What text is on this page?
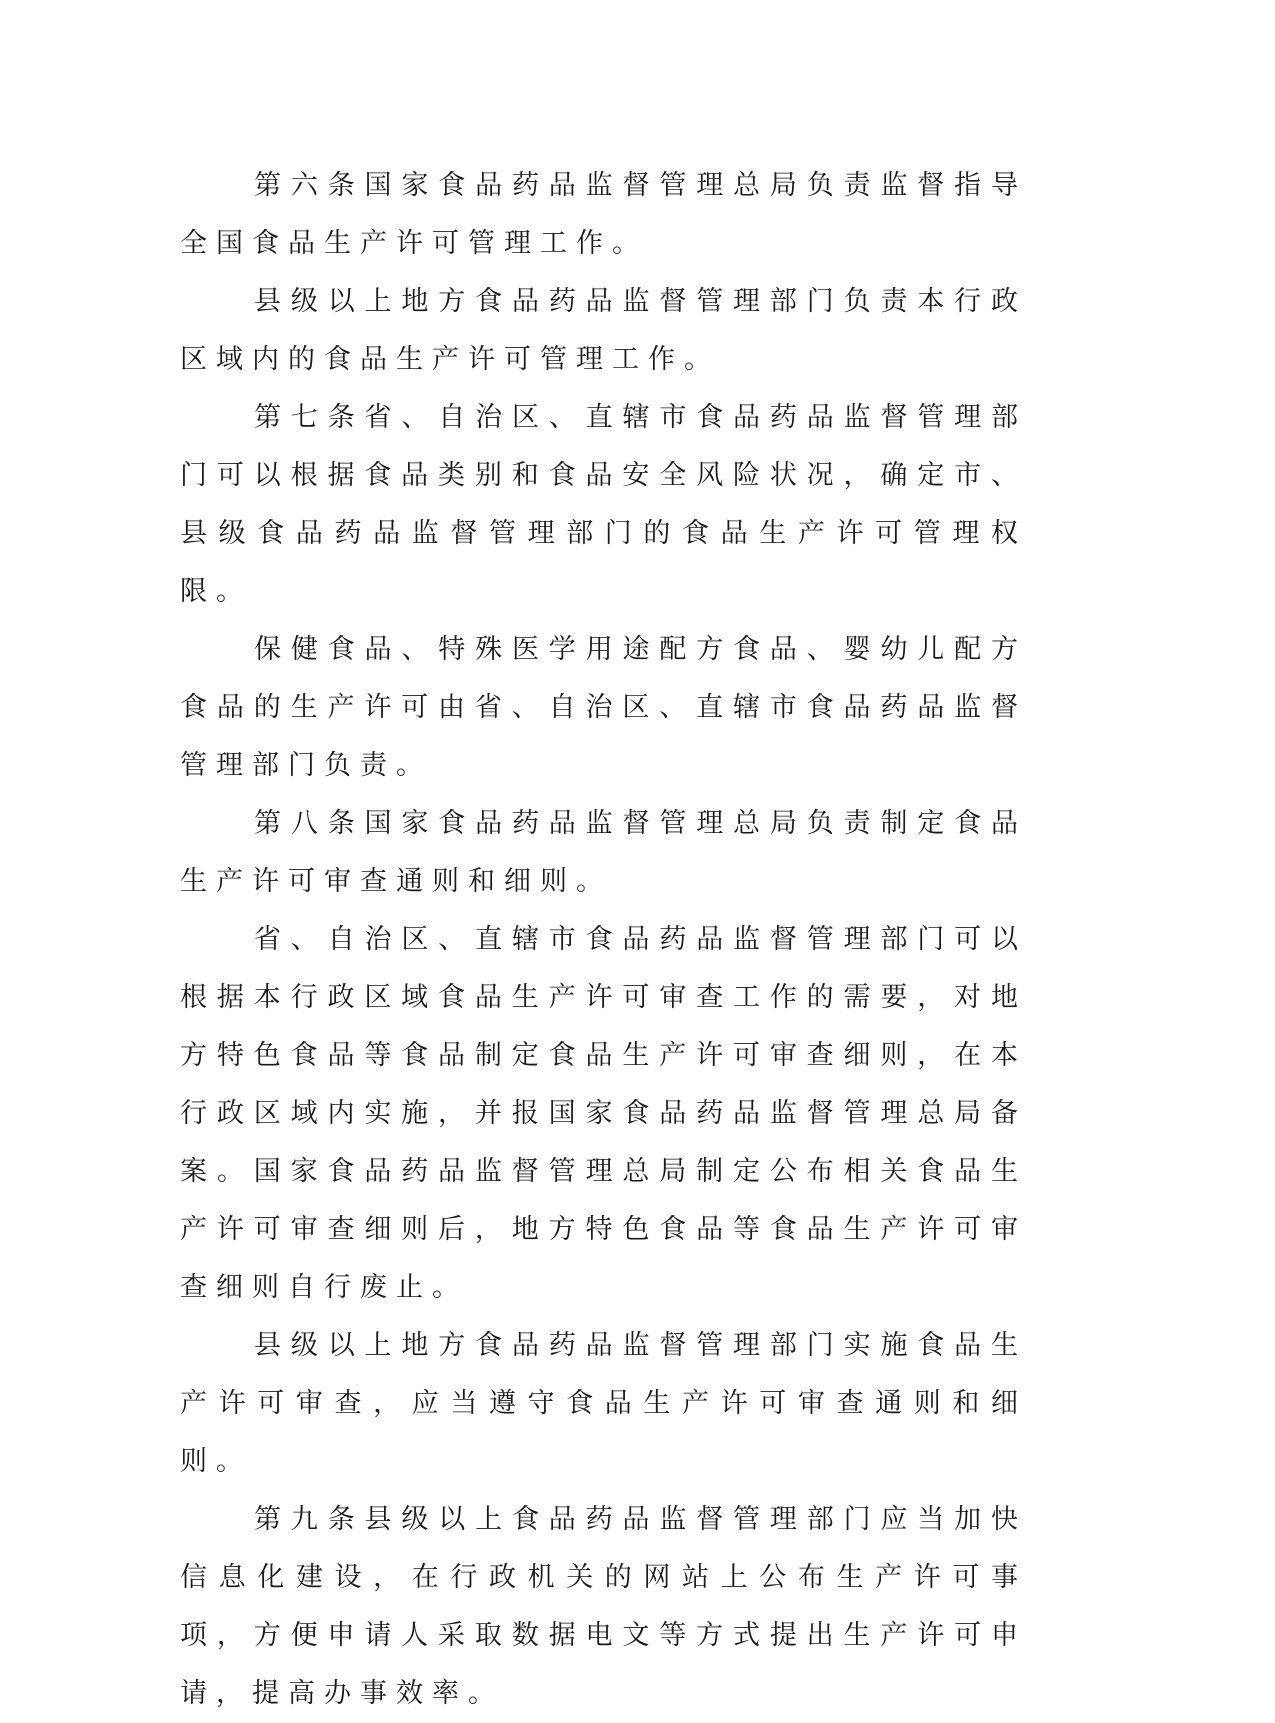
第六条国家食品药品监督管理总局负责监督指导全国食品生产许可管理工作。

县级以上地方食品药品监督管理部门负责本行政区域内的食品生产许可管理工作。

第七条省、自治区、直辖市食品药品监督管理部门可以根据食品类别和食品安全风险状况，确定市、县级食品药品监督管理部门的食品生产许可管理权限。

保健食品、特殊医学用途配方食品、婴幼儿配方食品的生产许可由省、自治区、直辖市食品药品监督管理部门负责。

第八条国家食品药品监督管理总局负责制定食品生产许可审查通则和细则。

省、自治区、直辖市食品药品监督管理部门可以根据本行政区域食品生产许可审查工作的需要，对地方特色食品等食品制定食品生产许可审查细则，在本行政区域内实施，并报国家食品药品监督管理总局备案。国家食品药品监督管理总局制定公布相关食品生产许可审查细则后，地方特色食品等食品生产许可审查细则自行废止。

县级以上地方食品药品监督管理部门实施食品生产许可审查，应当遵守食品生产许可审查通则和细则。

第九条县级以上食品药品监督管理部门应当加快信息化建设，在行政机关的网站上公布生产许可事项，方便申请人采取数据电文等方式提出生产许可申请，提高办事效率。
